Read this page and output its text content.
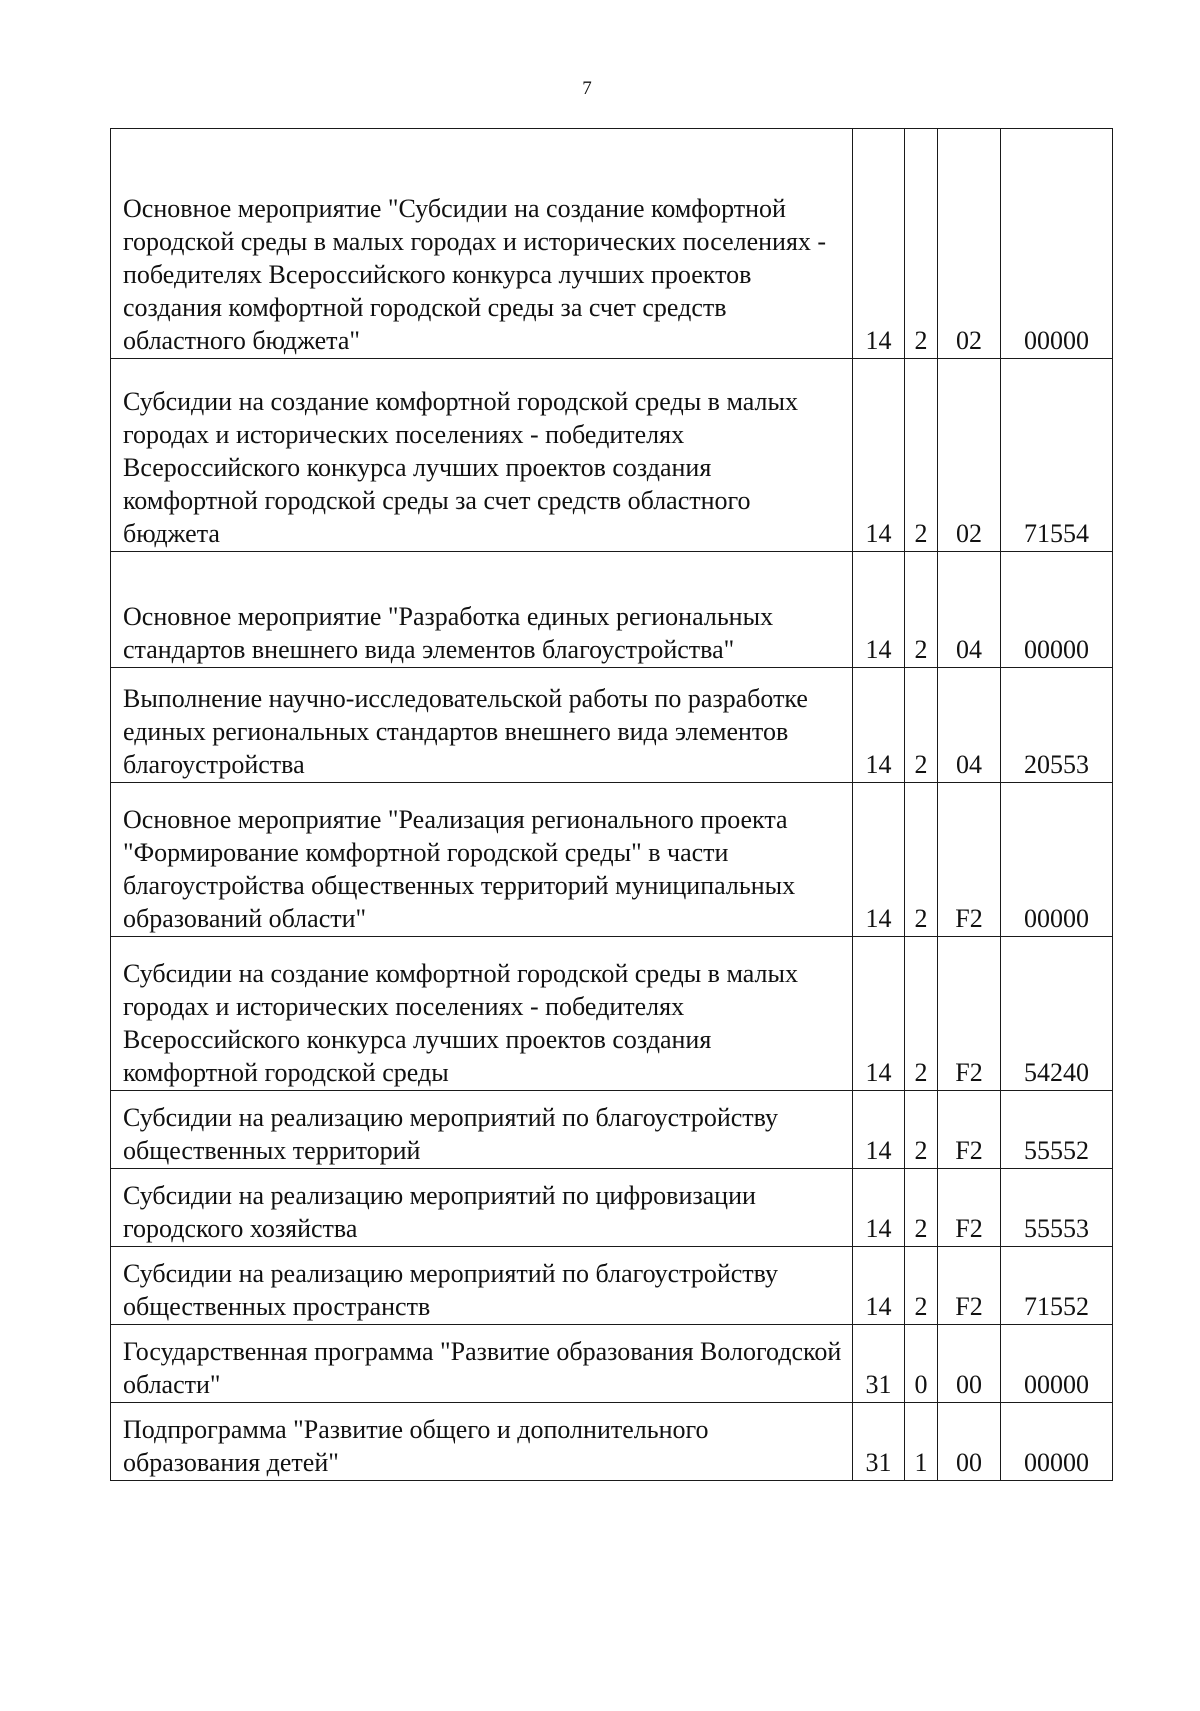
7
Основное мероприятие "Субсидии на создание комфортной городской среды в малых городах и исторических поселениях - победителях Всероссийского конкурса лучших проектов создания комфортной городской среды за счет средств областного бюджета"	14	2	02	00000
Субсидии на создание комфортной городской среды в малых городах и исторических поселениях - победителях Всероссийского конкурса лучших проектов создания комфортной городской среды за счет средств областного бюджета	14	2	02	71554
Основное мероприятие "Разработка единых региональных стандартов внешнего вида элементов благоустройства"	14	2	04	00000
Выполнение научно-исследовательской работы по разработке единых региональных стандартов внешнего вида элементов благоустройства	14	2	04	20553
Основное мероприятие "Реализация регионального проекта "Формирование комфортной городской среды" в части благоустройства общественных территорий муниципальных образований области"	14	2	F2	00000
Субсидии на создание комфортной городской среды в малых городах и исторических поселениях - победителях Всероссийского конкурса лучших проектов создания комфортной городской среды	14	2	F2	54240
Субсидии на реализацию мероприятий по благоустройству общественных территорий	14	2	F2	55552
Субсидии на реализацию мероприятий по цифровизации городского хозяйства	14	2	F2	55553
Субсидии на реализацию мероприятий по благоустройству общественных пространств	14	2	F2	71552
Государственная программа "Развитие образования Вологодской области"	31	0	00	00000
Подпрограмма "Развитие общего и дополнительного образования детей"	31	1	00	00000
